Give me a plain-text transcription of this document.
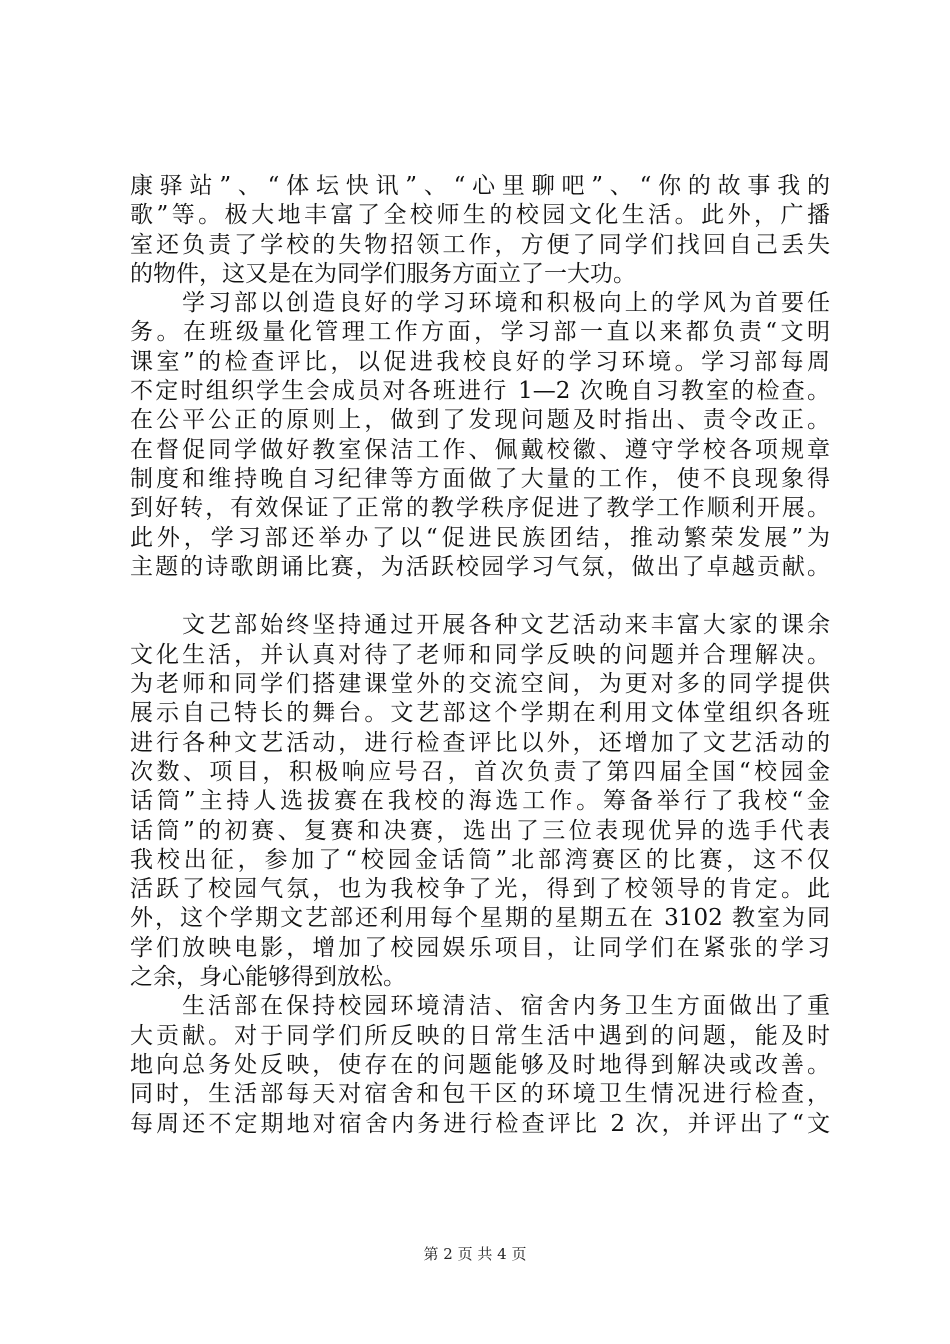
康驿站”、“体坛快讯”、“心里聊吧”、“你的故事我的
歌”等。极大地丰富了全校师生的校园文化生活。此外，广播
室还负责了学校的失物招领工作，方便了同学们找回自己丢失
的物件，这又是在为同学们服务方面立了一大功。
学习部以创造良好的学习环境和积极向上的学风为首要任
务。在班级量化管理工作方面，学习部一直以来都负责“文明
课室”的检查评比，以促进我校良好的学习环境。学习部每周
不定时组织学生会成员对各班进行 1—2 次晚自习教室的检查。
在公平公正的原则上，做到了发现问题及时指出、责令改正。
在督促同学做好教室保洁工作、佩戴校徽、遵守学校各项规章
制度和维持晚自习纪律等方面做了大量的工作，使不良现象得
到好转，有效保证了正常的教学秩序促进了教学工作顺利开展。
此外，学习部还举办了以“促进民族团结，推动繁荣发展”为
主题的诗歌朗诵比赛，为活跃校园学习气氛，做出了卓越贡献。
文艺部始终坚持通过开展各种文艺活动来丰富大家的课余
文化生活，并认真对待了老师和同学反映的问题并合理解决。
为老师和同学们搭建课堂外的交流空间，为更对多的同学提供
展示自己特长的舞台。文艺部这个学期在利用文体堂组织各班
进行各种文艺活动，进行检查评比以外，还增加了文艺活动的
次数、项目，积极响应号召，首次负责了第四届全国“校园金
话筒”主持人选拔赛在我校的海选工作。筹备举行了我校“金
话筒”的初赛、复赛和决赛，选出了三位表现优异的选手代表
我校出征，参加了“校园金话筒”北部湾赛区的比赛，这不仅
活跃了校园气氛，也为我校争了光，得到了校领导的肯定。此
外，这个学期文艺部还利用每个星期的星期五在 3102 教室为同
学们放映电影，增加了校园娱乐项目，让同学们在紧张的学习
之余，身心能够得到放松。
生活部在保持校园环境清洁、宿舍内务卫生方面做出了重
大贡献。对于同学们所反映的日常生活中遇到的问题，能及时
地向总务处反映，使存在的问题能够及时地得到解决或改善。
同时，生活部每天对宿舍和包干区的环境卫生情况进行检查，
每周还不定期地对宿舍内务进行检查评比 2 次，并评出了“文
第 2 页 共 4 页
